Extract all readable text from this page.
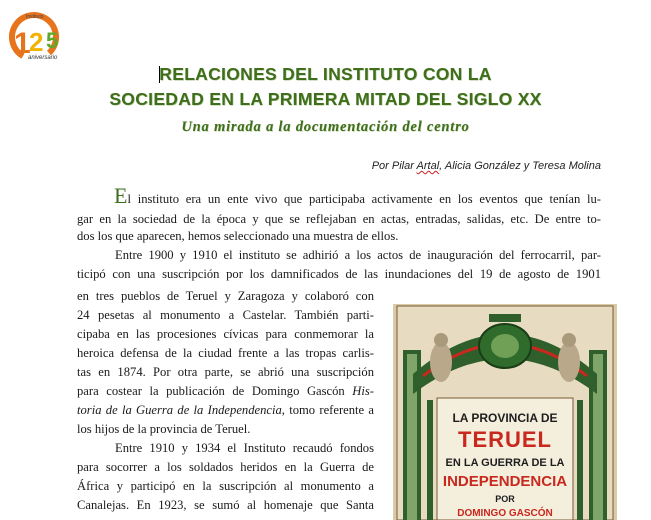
1
2 5
Instituto
aniversario
RELACIONES DEL INSTITUTO CON LA
SOCIEDAD EN LA PRIMERA MITAD DEL SIGLO XX
Una mirada a la documentación del centro
Por Pilar Artal, Alicia González y Teresa Molina
El instituto era un ente vivo que participaba activamente en los eventos que tenían lu-
gar en la sociedad de la época y que se reflejaban en actas, entradas, salidas, etc. De entre to-
dos los que aparecen, hemos seleccionado una muestra de ellos.
Entre 1900 y 1910 el instituto se adhirió a los actos de inauguración del ferrocarril, par-
ticipó con una suscripción por los damnificados de las inundaciones del 19 de agosto de 1901
en tres pueblos de Teruel y Zaragoza y colaboró con
24 pesetas al monumento a Castelar. También parti-
cipaba en las procesiones cívicas para conmemorar la
heroica defensa de la ciudad frente a las tropas carlis-
tas en 1874. Por otra parte, se abrió una suscripción
para costear la publicación de Domingo Gascón His-
toria de la Guerra de la Independencia, tomo referente a
los hijos de la provincia de Teruel.
Entre 1910 y 1934 el Instituto recaudó fondos
para socorrer a los soldados heridos en la Guerra de
África y participó en la suscripción al monumento a
Canalejas. En 1923, se sumó al homenaje que Santa
LA PROVINCIA DE
TERUEL
EN LA GUERRA DE LA
INDEPENDENCIA
POR
DOMINGO GASCÓN
